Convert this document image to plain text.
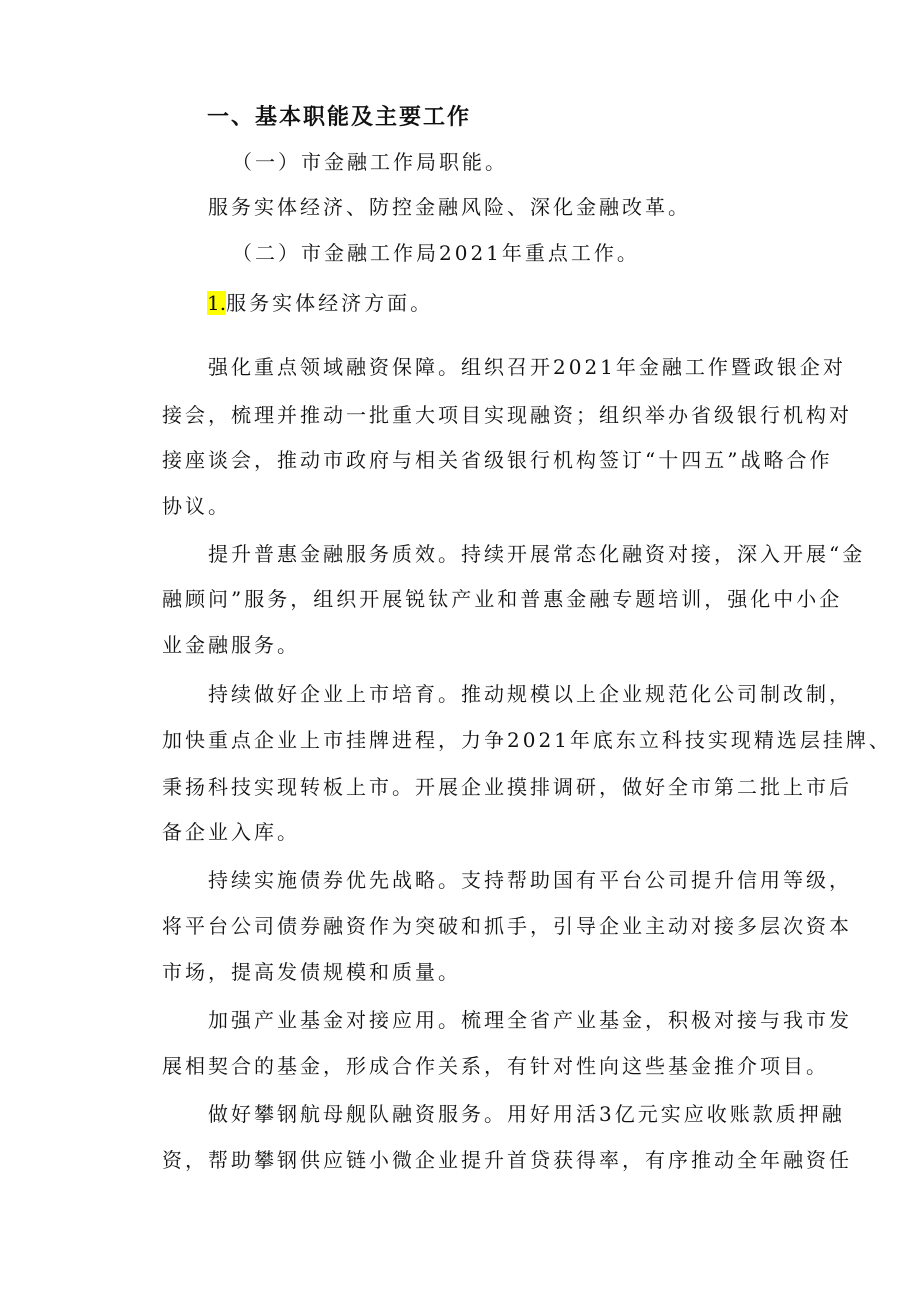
一、基本职能及主要工作
（一）市金融工作局职能。
服务实体经济、防控金融风险、深化金融改革。
（二）市金融工作局2021年重点工作。
1.服务实体经济方面。
强化重点领域融资保障。组织召开2021年金融工作暨政银企对
接会，梳理并推动一批重大项目实现融资；组织举办省级银行机构对
接座谈会，推动市政府与相关省级银行机构签订“十四五”战略合作
协议。
提升普惠金融服务质效。持续开展常态化融资对接，深入开展“金
融顾问”服务，组织开展锐钛产业和普惠金融专题培训，强化中小企
业金融服务。
持续做好企业上市培育。推动规模以上企业规范化公司制改制，
加快重点企业上市挂牌进程，力争2021年底东立科技实现精选层挂牌、
秉扬科技实现转板上市。开展企业摸排调研，做好全市第二批上市后
备企业入库。
持续实施债券优先战略。支持帮助国有平台公司提升信用等级，
将平台公司债券融资作为突破和抓手，引导企业主动对接多层次资本
市场，提高发债规模和质量。
加强产业基金对接应用。梳理全省产业基金，积极对接与我市发
展相契合的基金，形成合作关系，有针对性向这些基金推介项目。
做好攀钢航母舰队融资服务。用好用活3亿元实应收账款质押融
资，帮助攀钢供应链小微企业提升首贷获得率，有序推动全年融资任
